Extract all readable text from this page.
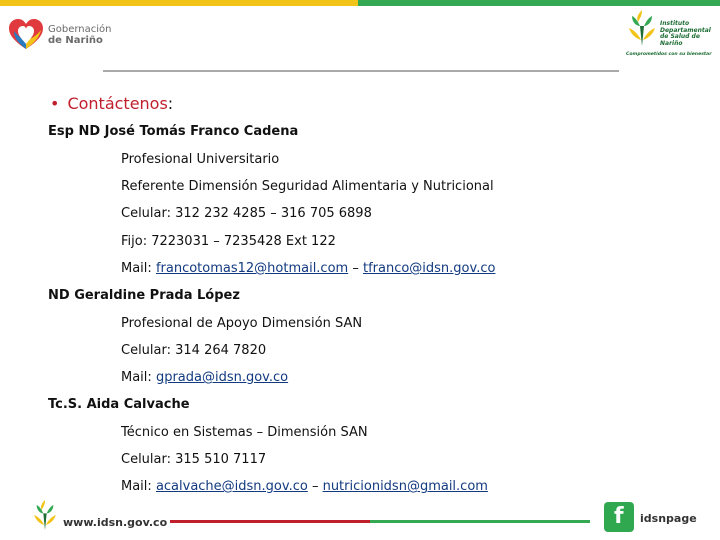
Gobernación
de Nariño
Instituto
Departamental
de Salud de Nariño
Comprometidos con su bienestar
• Contáctenos:
Esp ND José Tomás Franco Cadena
Profesional Universitario
Referente Dimensión Seguridad Alimentaria y Nutricional
Celular: 312 232 4285 – 316 705 6898
Fijo: 7223031 – 7235428 Ext 122
Mail: francotomas12@hotmail.com – tfranco@idsn.gov.co
ND Geraldine Prada López
Profesional de Apoyo Dimensión SAN
Celular: 314 264 7820
Mail: gprada@idsn.gov.co
Tc.S. Aida Calvache
Técnico en Sistemas – Dimensión SAN
Celular: 315 510 7117
Mail: acalvache@idsn.gov.co – nutricionidsn@gmail.com
www.idsn.gov.co	f idsnpage
